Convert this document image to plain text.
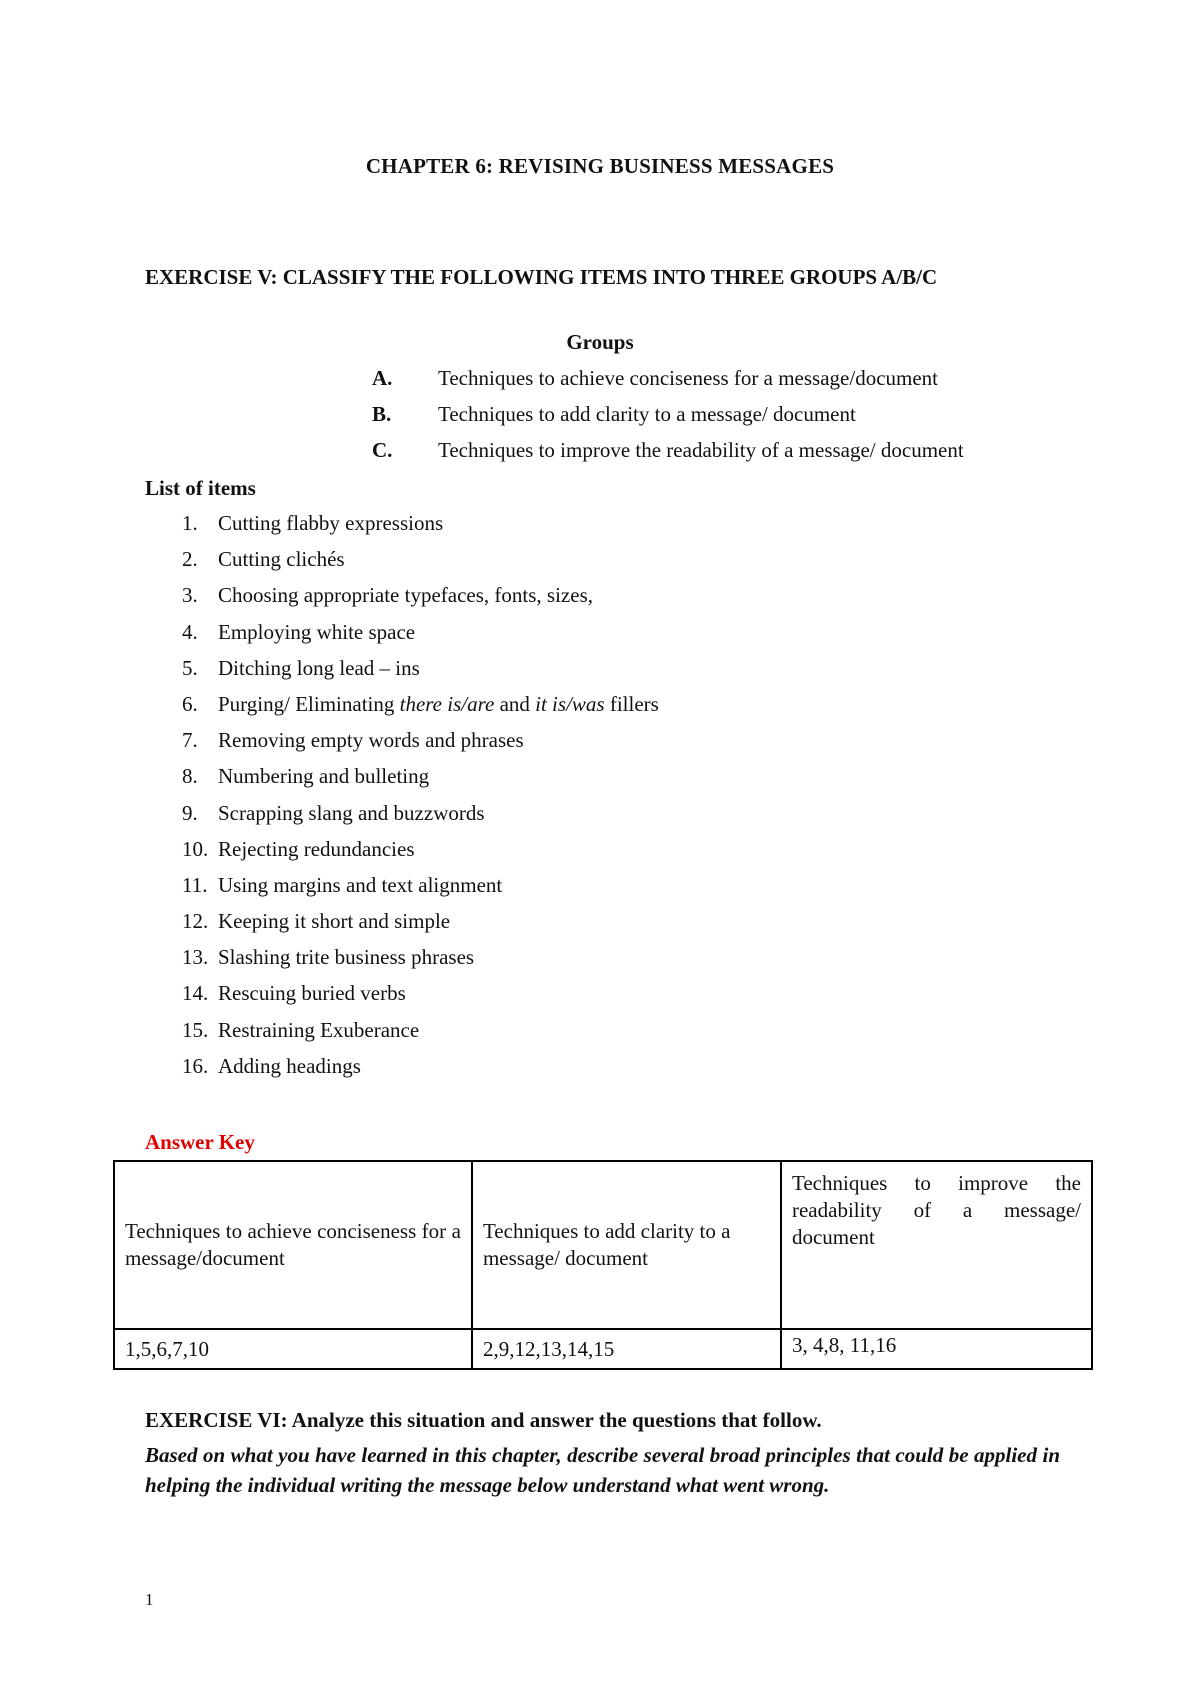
CHAPTER 6: REVISING BUSINESS MESSAGES
EXERCISE V: CLASSIFY THE FOLLOWING ITEMS INTO THREE GROUPS A/B/C
Groups
A.	Techniques to achieve conciseness for a message/document
B.	Techniques to add clarity to a message/ document
C.	Techniques to improve the readability of a message/ document
List of items
1. Cutting flabby expressions
2. Cutting clichés
3. Choosing appropriate typefaces, fonts, sizes,
4. Employing white space
5. Ditching long lead – ins
6. Purging/ Eliminating there is/are and it is/was fillers
7. Removing empty words and phrases
8. Numbering and bulleting
9. Scrapping slang and buzzwords
10. Rejecting redundancies
11. Using margins and text alignment
12. Keeping it short and simple
13. Slashing trite business phrases
14. Rescuing buried verbs
15. Restraining Exuberance
16. Adding headings
Answer Key
Techniques to achieve conciseness for a message/document	Techniques to add clarity to a message/ document	Techniques to improve the readability of a message/ document
1,5,6,7,10	2,9,12,13,14,15	3, 4,8, 11,16
EXERCISE VI: Analyze this situation and answer the questions that follow.
Based on what you have learned in this chapter, describe several broad principles that could be applied in helping the individual writing the message below understand what went wrong.
1
